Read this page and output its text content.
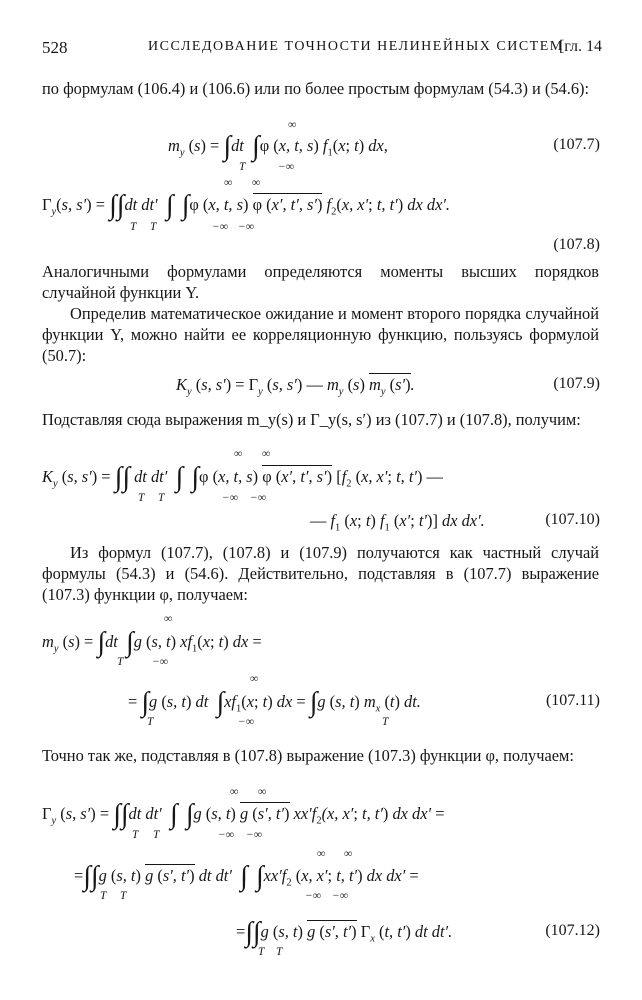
528	ИССЛЕДОВАНИЕ ТОЧНОСТИ НЕЛИНЕЙНЫХ СИСТЕМ
[гл. 14

по формулам (106.4) и (106.6) или по более простым формулам (54.3) и (54.6):

$m_y$ (s) = ∫dt  ∫φ (x, t, s) $f_1(x$; t) dx,
T
∞
−∞
(107.7)
$\Gamma_y(s$, s′) = ∫∫dt dt′  ∫ ∫φ (x, t, s) φ (x′, t′, s′) $f_2(x$, x′; t, t′) dx dx′.
T T
∞ ∞
−∞ −∞
(107.8)

Аналогичными формулами определяются моменты высших порядков случайной функции Y.

Определив математическое ожидание и момент второго порядка случайной функции Y, можно найти ее корреляционную функцию, пользуясь формулой (50.7):

$K_y$ (s, $s') = \Gamma_y$ (s, s′) — $m_y$ (s) $m_y$ (s′).	(107.9)

Подставляя сюда выражения m_y(s) и Γ_y(s, s′) из (107.7) и (107.8), получим:

$K_y$ (s, s′) = ∫∫ dt dt′  ∫ ∫φ (x, t, s) φ (x′, t′, s′) [$f_2$ (x, x′; t, t′) —
T T
∞ ∞
−∞ −∞
— $f_1$ (x; t) $f_1$ (x′; t′)] dx dx′.	(107.10)

Из формул (107.7), (107.8) и (107.9) получаются как частный случай формулы (54.3) и (54.6). Действительно, подставляя в (107.7) выражение (107.3) функции φ, получаем:

$m_y$ (s) = ∫dt  ∫g (s, t) $xf_1(x$; t) dx =
T
∞
−∞
= ∫g (s, t) dt  $\int xf_1(x$; t) dx = ∫g (s, t) $m_x$ (t) dt.
T
∞
−∞	T
(107.11)

Точно так же, подставляя в (107.8) выражение (107.3) функции φ, получаем:

$\Gamma_y$ (s, s′) = ∫∫dt dt′  ∫ ∫g (s, t) g (s′, t′) $xx'f_2(x$, x′; t, t′) dx dx′ =
T T
∞ ∞
−∞ −∞
=∫∫g (s, t) g (s′, t′) dt dt′  ∫ $\int xx'f_2$ (x, x′; t, t′) dx dx′ =
T T
∞ ∞
−∞ −∞
=∫∫g (s, t) g (s′, t′) $\Gamma_x$ (t, t′) dt dt′.
T T
(107.12)
